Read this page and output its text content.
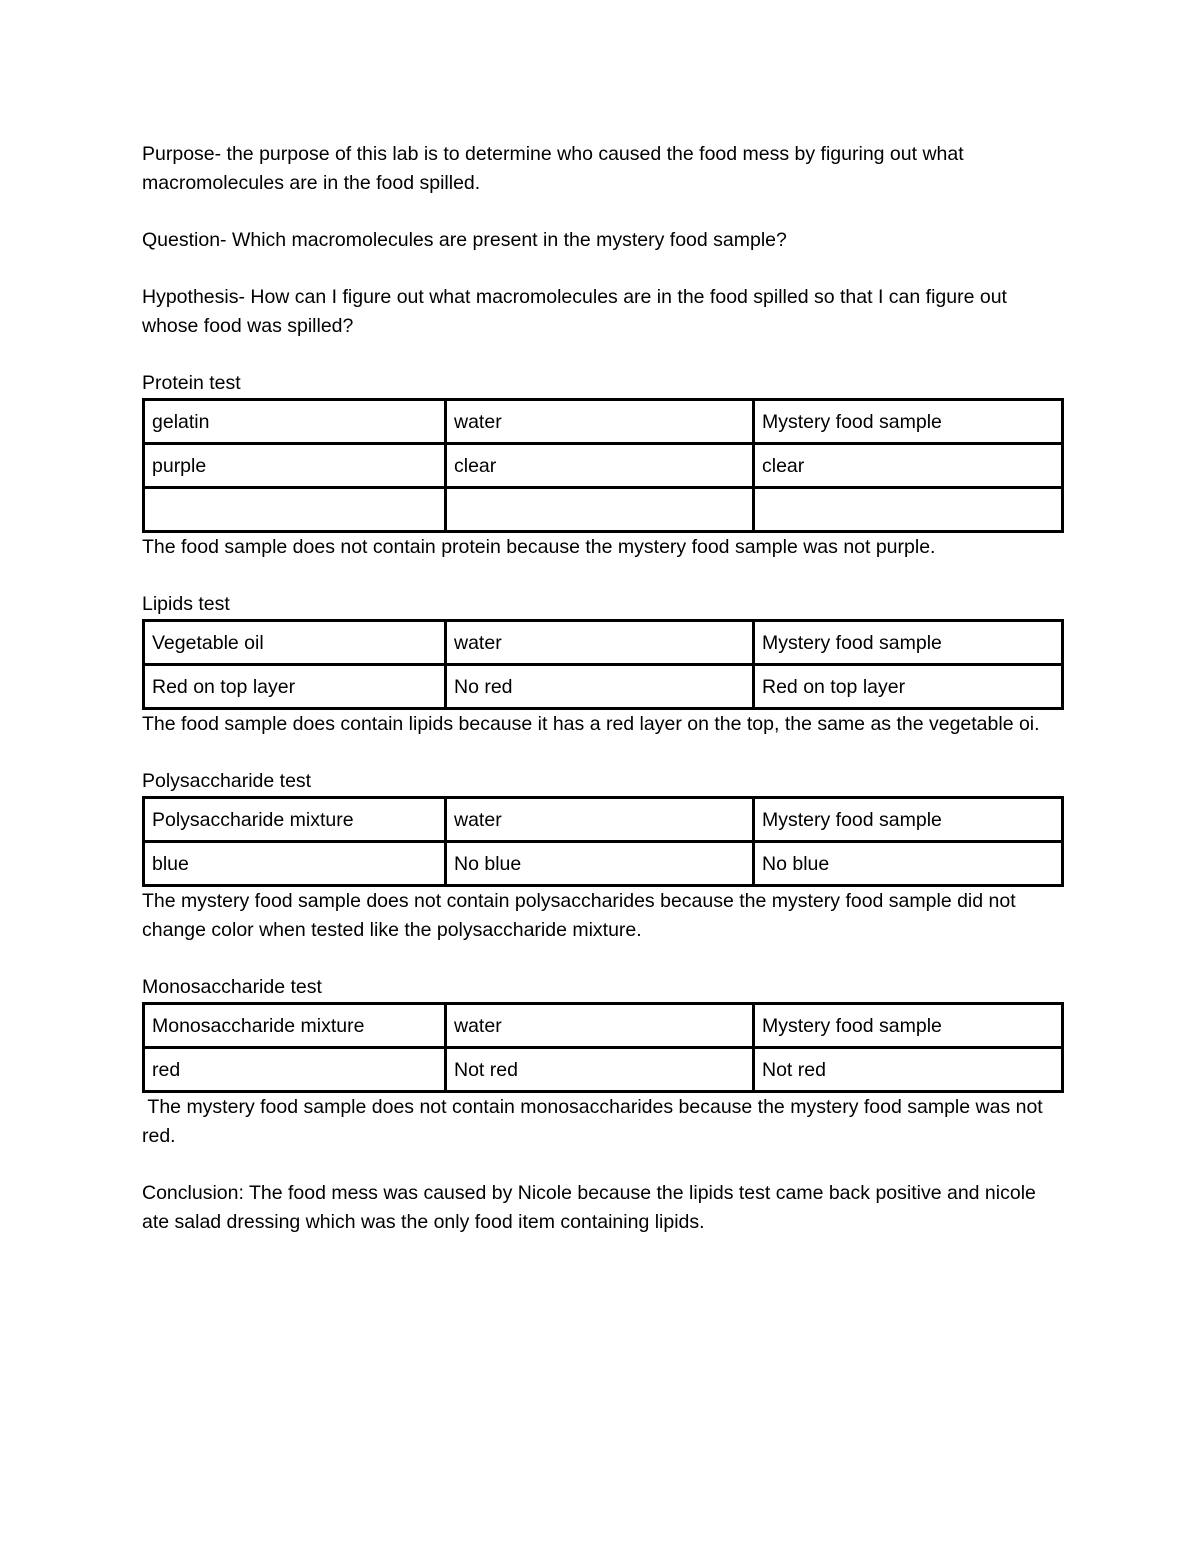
Purpose- the purpose of this lab is to determine who caused the food mess by figuring out what macromolecules are in the food spilled.

Question- Which macromolecules are present in the mystery food sample?

Hypothesis- How can I figure out what macromolecules are in the food spilled so that I can figure out whose food was spilled?

Protein test

gelatin	water	Mystery food sample
purple	clear	clear

The food sample does not contain protein because the mystery food sample was not purple.

Lipids test

Vegetable oil	water	Mystery food sample
Red on top layer	No red	Red on top layer

The food sample does contain lipids because it has a red layer on the top, the same as the vegetable oi.

Polysaccharide test

Polysaccharide mixture	water	Mystery food sample
blue	No blue	No blue

The mystery food sample does not contain polysaccharides because the mystery food sample did not change color when tested like the polysaccharide mixture.

Monosaccharide test

Monosaccharide mixture	water	Mystery food sample
red	Not red	Not red

The mystery food sample does not contain monosaccharides because the mystery food sample was not red.

Conclusion: The food mess was caused by Nicole because the lipids test came back positive and nicole ate salad dressing which was the only food item containing lipids.
